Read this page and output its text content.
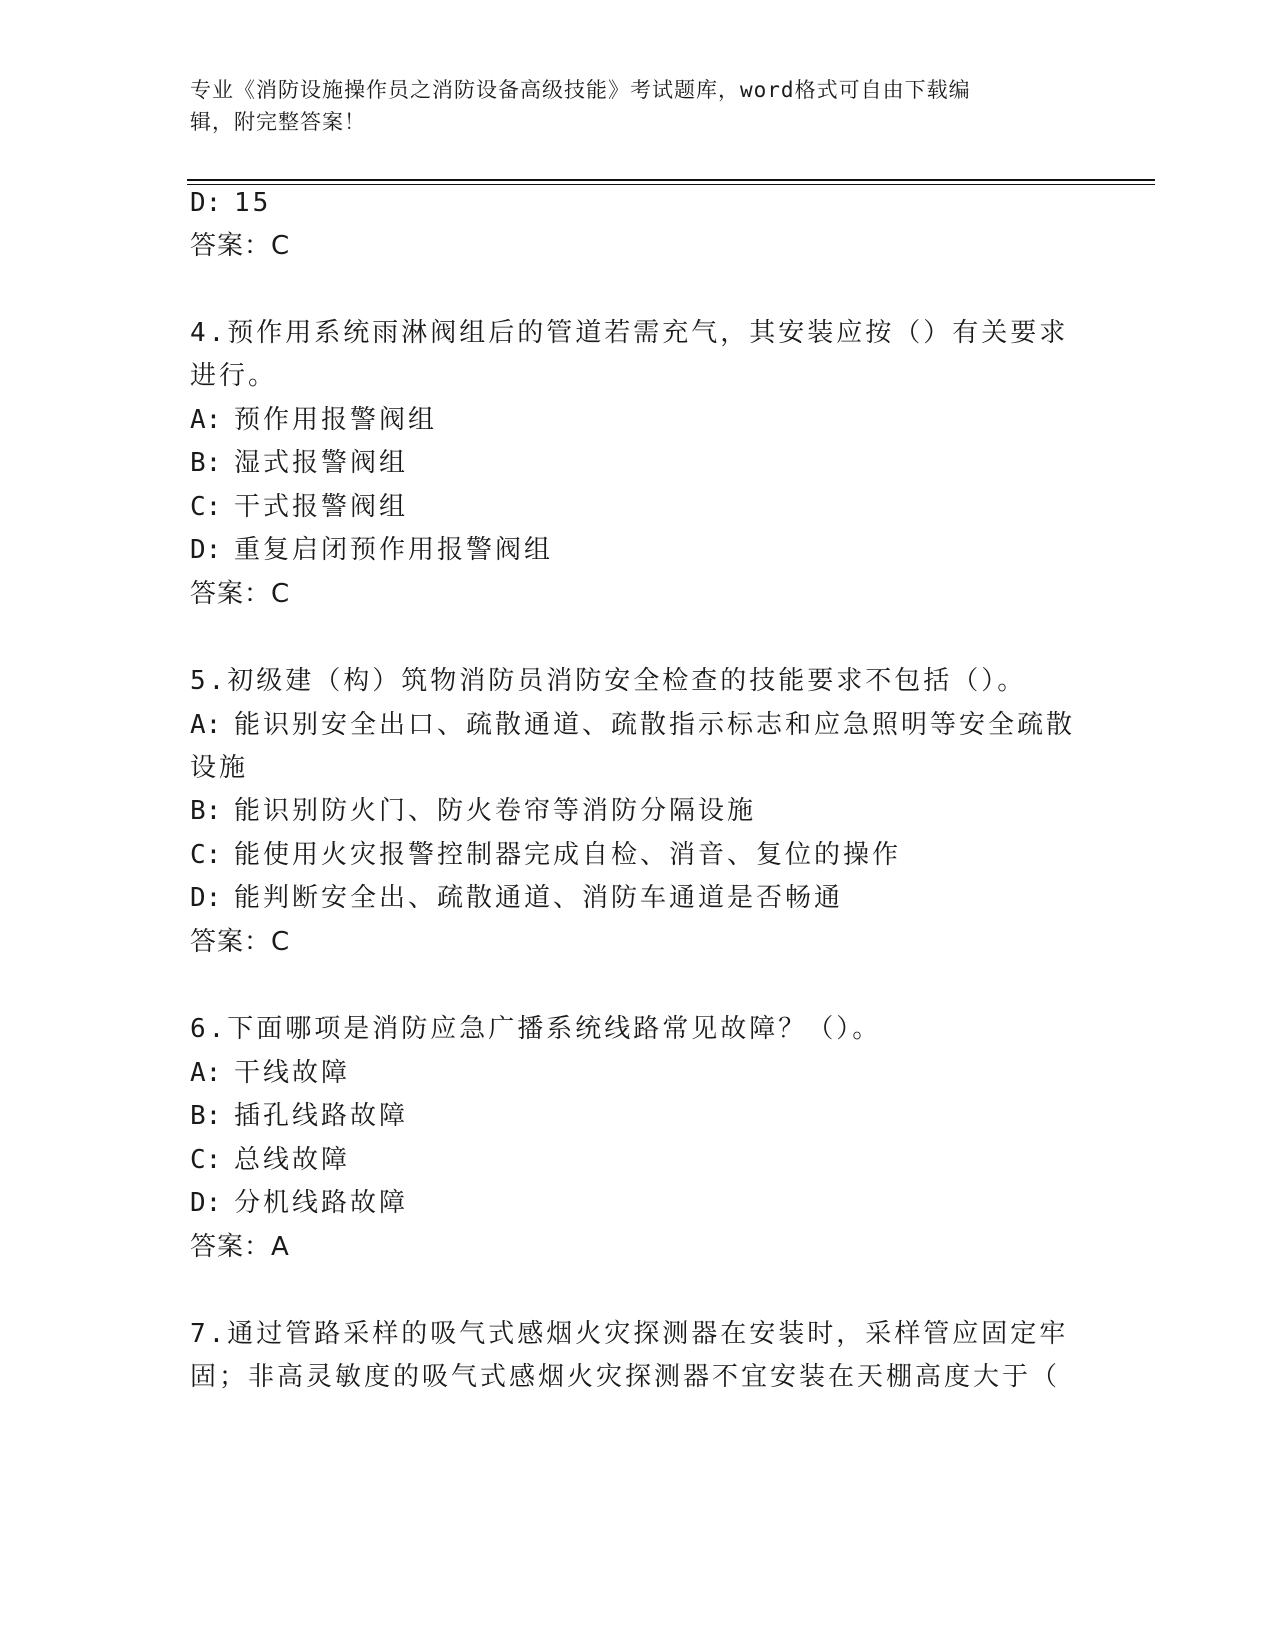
专业《消防设施操作员之消防设备高级技能》考试题库，word格式可自由下载编
辑，附完整答案！
D: 15
答案：C
4.预作用系统雨淋阀组后的管道若需充气，其安装应按（）有关要求
进行。
A: 预作用报警阀组
B: 湿式报警阀组
C: 干式报警阀组
D: 重复启闭预作用报警阀组
答案：C
5.初级建（构）筑物消防员消防安全检查的技能要求不包括（）。
A: 能识别安全出口、疏散通道、疏散指示标志和应急照明等安全疏散
设施
B: 能识别防火门、防火卷帘等消防分隔设施
C: 能使用火灾报警控制器完成自检、消音、复位的操作
D: 能判断安全出、疏散通道、消防车通道是否畅通
答案：C
6.下面哪项是消防应急广播系统线路常见故障？（）。
A: 干线故障
B: 插孔线路故障
C: 总线故障
D: 分机线路故障
答案：A
7.通过管路采样的吸气式感烟火灾探测器在安装时，采样管应固定牢
固；非高灵敏度的吸气式感烟火灾探测器不宜安装在天棚高度大于（
